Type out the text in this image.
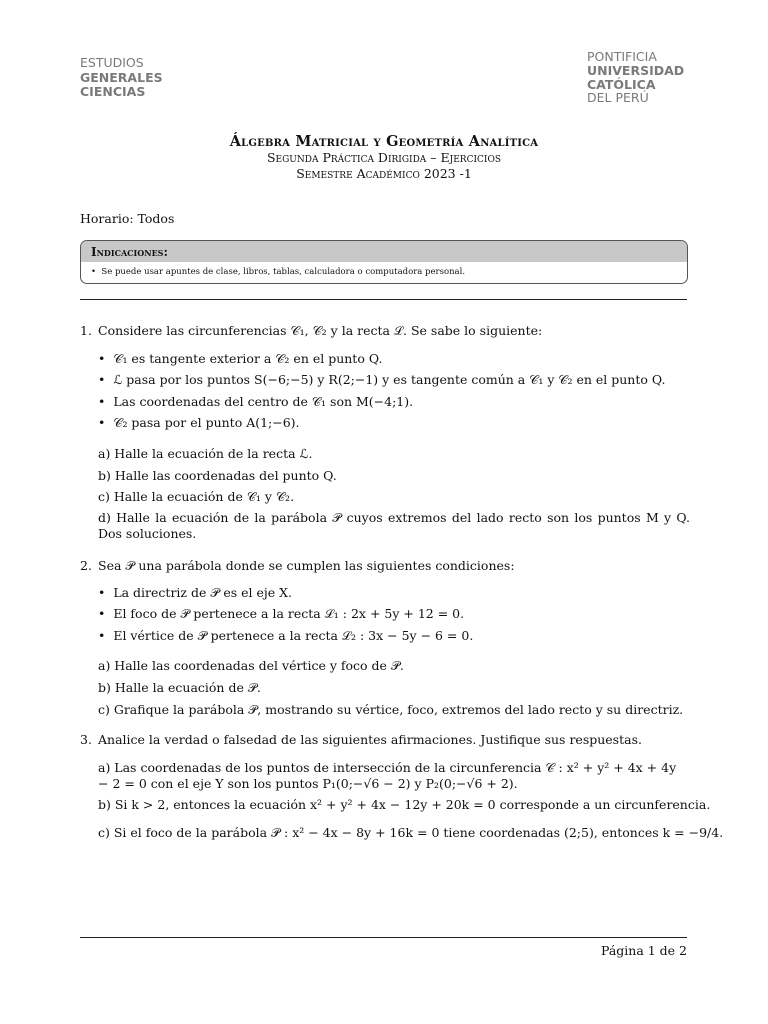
ESTUDIOS
GENERALES
CIENCIAS
PONTIFICIA
UNIVERSIDAD
CATÓLICA
DEL PERÚ
Álgebra Matricial y Geometría Analítica
Segunda Práctica Dirigida – Ejercicios
Semestre Académico 2023 -1
Horario: Todos
Indicaciones:
•  Se puede usar apuntes de clase, libros, tablas, calculadora o computadora personal.
1. Considere las circunferencias 𝒞₁, 𝒞₂ y la recta ℒ. Se sabe lo siguiente:
•  𝒞₁ es tangente exterior a 𝒞₂ en el punto Q.
•  ℒ pasa por los puntos S(−6;−5) y R(2;−1) y es tangente común a 𝒞₁ y 𝒞₂ en el punto Q.
•  Las coordenadas del centro de 𝒞₁ son M(−4;1).
•  𝒞₂ pasa por el punto A(1;−6).
a) Halle la ecuación de la recta ℒ.
b) Halle las coordenadas del punto Q.
c) Halle la ecuación de 𝒞₁ y 𝒞₂.
d) Halle la ecuación de la parábola 𝒫 cuyos extremos del lado recto son los puntos M y Q. Dos soluciones.
2. Sea 𝒫 una parábola donde se cumplen las siguientes condiciones:
•  La directriz de 𝒫 es el eje X.
•  El foco de 𝒫 pertenece a la recta ℒ₁ : 2x + 5y + 12 = 0.
•  El vértice de 𝒫 pertenece a la recta ℒ₂ : 3x − 5y − 6 = 0.
a) Halle las coordenadas del vértice y foco de 𝒫.
b) Halle la ecuación de 𝒫.
c) Grafique la parábola 𝒫, mostrando su vértice, foco, extremos del lado recto y su directriz.
3. Analice la verdad o falsedad de las siguientes afirmaciones. Justifique sus respuestas.
a) Las coordenadas de los puntos de intersección de la circunferencia 𝒞 : x² + y² + 4x + 4y − 2 = 0 con el eje Y son los puntos P₁(0;−√6 − 2) y P₂(0;−√6 + 2).
b) Si k > 2, entonces la ecuación x² + y² + 4x − 12y + 20k = 0 corresponde a un circunferencia.
c) Si el foco de la parábola 𝒫 : x² − 4x − 8y + 16k = 0 tiene coordenadas (2;5), entonces k = −9/4.
Página 1 de 2
